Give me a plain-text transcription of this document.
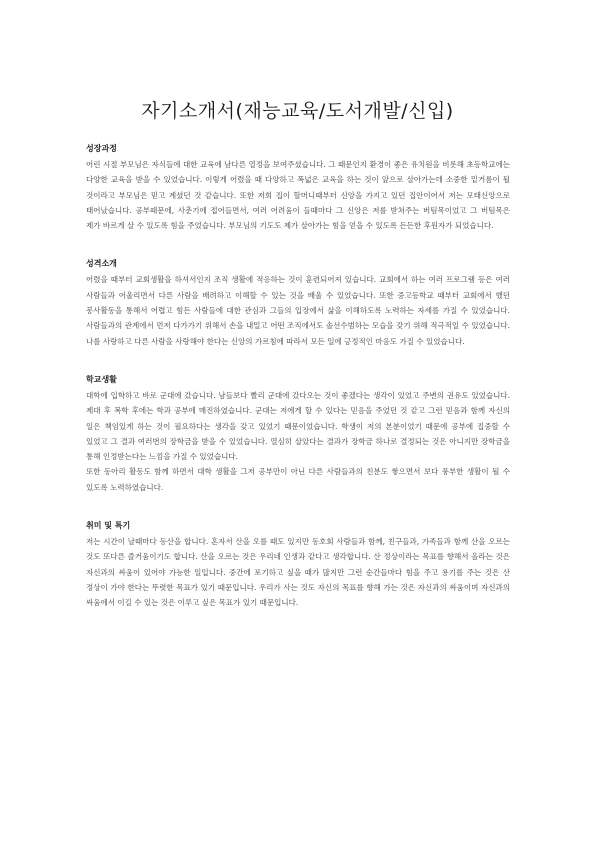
자기소개서(재능교육/도서개발/신입)
성장과정

어린 시절 부모님은 자식들에 대한 교육에 남다른 열정을 보여주셨습니다. 그 때문인지 환경이 좋은 유치원을 비롯해 초등학교에는 다양한 교육을 받을 수 있었습니다. 이렇게 어렸을 때 다양하고 폭넓은 교육을 하는 것이 앞으로 살아가는데 소중한 밑거름이 될 것이라고 부모님은 믿고 계셨던 것 같습니다. 또한 저희 집이 할머니때부터 신앙을 가지고 있던 집안이어서 저는 모태신앙으로 태어났습니다. 공부때문에, 사춘기에 접어들면서, 여러 어려움이 들때마다 그 신앙은 저를 받쳐주는 버팀목이었고 그 버팀목은 제가 바르게 살 수 있도록 힘을 주었습니다. 부모님의 기도도 제가 살아가는 힘을 얻을 수 있도록 든든한 후원자가 되었습니다.

성격소개

어렸을 때부터 교회생활을 하셔서인지 조직 생활에 적응하는 것이 훈련되어져 있습니다. 교회에서 하는 여러 프로그램 등은 여러 사람들과 어울리면서 다른 사람을 배려하고 이해할 수 있는 것을 배울 수 있었습니다. 또한 중고등학교 때부터 교회에서 했던 봉사활동을 통해서 어렵고 힘든 사람들에 대한 관심과 그들의 입장에서 삶을 이해하도록 노력하는 자세를 가질 수 있었습니다. 사람들과의 관계에서 먼저 다가가기 위해서 손을 내밀고 어떤 조직에서도 솔선수범하는 모습을 갖기 위해 적극적일 수 있었습니다. 나를 사랑하고 다른 사람을 사랑해야 한다는 신앙의 가르침에 따라서 모든 일에 긍정적인 마음도 가질 수 있었습니다.

학교생활

대학에 입학하고 바로 군대에 갔습니다. 남들보다 빨리 군대에 갔다오는 것이 좋겠다는 생각이 있었고 주변의 권유도 있었습니다. 제대 후 복학 후에는 학과 공부에 매진하였습니다. 군대는 저에게 할 수 있다는 믿음을 주었던 것 같고 그런 믿음과 함께 자신의 일은 책임있게 하는 것이 필요하다는 생각을 갖고 있었기 때문이었습니다. 학생이 저의 본분이었기 때문에 공부에 집중할 수 있었고 그 결과 여러번의 장학금을 받을 수 있었습니다. 열심히 살았다는 결과가 장학금 하나로 결정되는 것은 아니지만 장학금을 통해 인정받는다는 느낌을 가질 수 있었습니다.

또한 동아리 활동도 함께 하면서 대학 생활을 그저 공부만이 아닌 다른 사람들과의 친분도 쌓으면서 보다 풍부한 생활이 될 수 있도록 노력하였습니다.

취미 및 특기

저는 시간이 날때마다 등산을 합니다. 혼자서 산을 오를 때도 있지만 동호회 사람들과 함께, 친구들과, 가족들과 함께 산을 오르는 것도 또다른 즐거움이기도 합니다. 산을 오르는 것은 우리네 인생과 같다고 생각합니다. 산 정상이라는 목표를 향해서 올라는 것은 자신과의 싸움이 있어야 가능한 일입니다. 중간에 포기하고 싶을 때가 많지만 그런 순간들마다 힘을 주고 용기를 주는 것은 산 정상이 가야 한다는 뚜렷한 목표가 있기 때문입니다. 우리가 사는 것도 자신의 목표를 향해 가는 것은 자신과의 싸움이며 자신과의 싸움에서 이길 수 있는 것은 이루고 싶은 목표가 있기 때문입니다.
